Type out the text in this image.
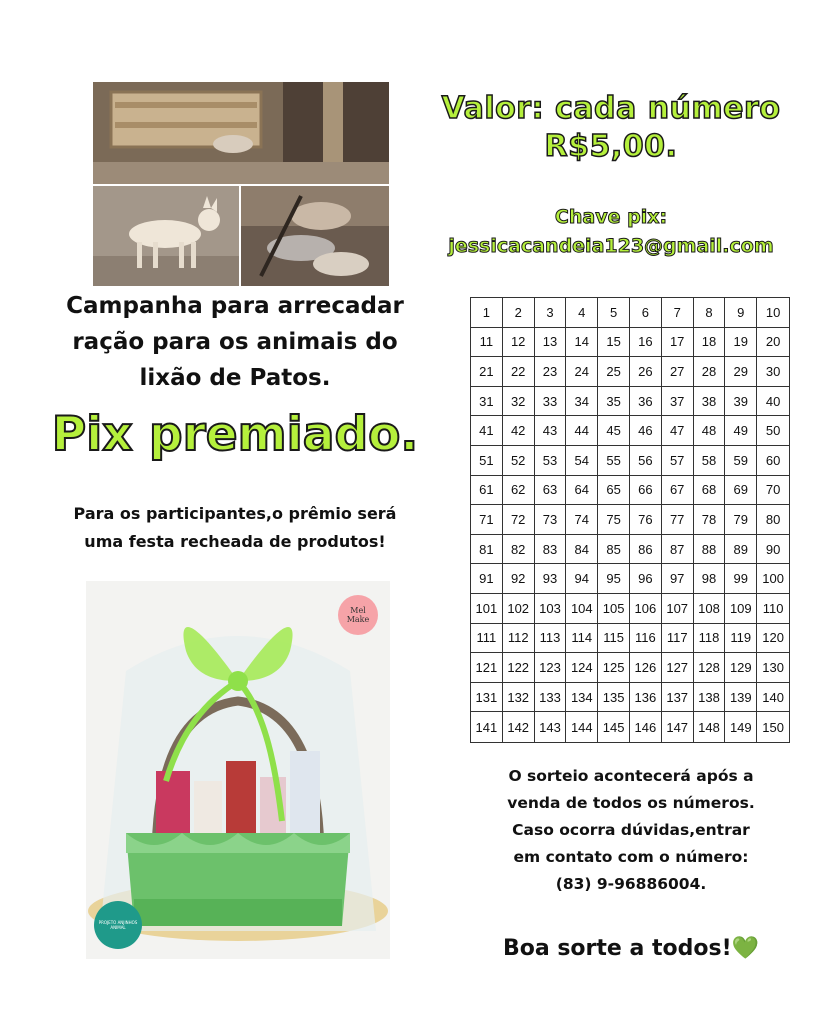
Valor: cada número
R$5,00.
Chave pix:
jessicacandeia123@gmail.com
Campanha para arrecadar
ração para os animais do
lixão de Patos.
Pix premiado.
Para os participantes,o prêmio será
uma festa recheada de produtos!
1	2	3	4	5	6	7	8	9	10
11	12	13	14	15	16	17	18	19	20
21	22	23	24	25	26	27	28	29	30
31	32	33	34	35	36	37	38	39	40
41	42	43	44	45	46	47	48	49	50
51	52	53	54	55	56	57	58	59	60
61	62	63	64	65	66	67	68	69	70
71	72	73	74	75	76	77	78	79	80
81	82	83	84	85	86	87	88	89	90
91	92	93	94	95	96	97	98	99	100
101 102 103 104 105 106 107 108 109 110
111 112 113 114 115 116 117 118 119 120
121 122 123 124 125 126 127 128 129 130
131 132 133 134 135 136 137 138 139 140
141 142 143 144 145 146 147 148 149 150
Mel Make
PROJETO ANJINHOS ANIMAL
O sorteio acontecerá após a
venda de todos os números.
Caso ocorra dúvidas,entrar
em contato com o número:
(83) 9-96886004.
Boa sorte a todos!💚
